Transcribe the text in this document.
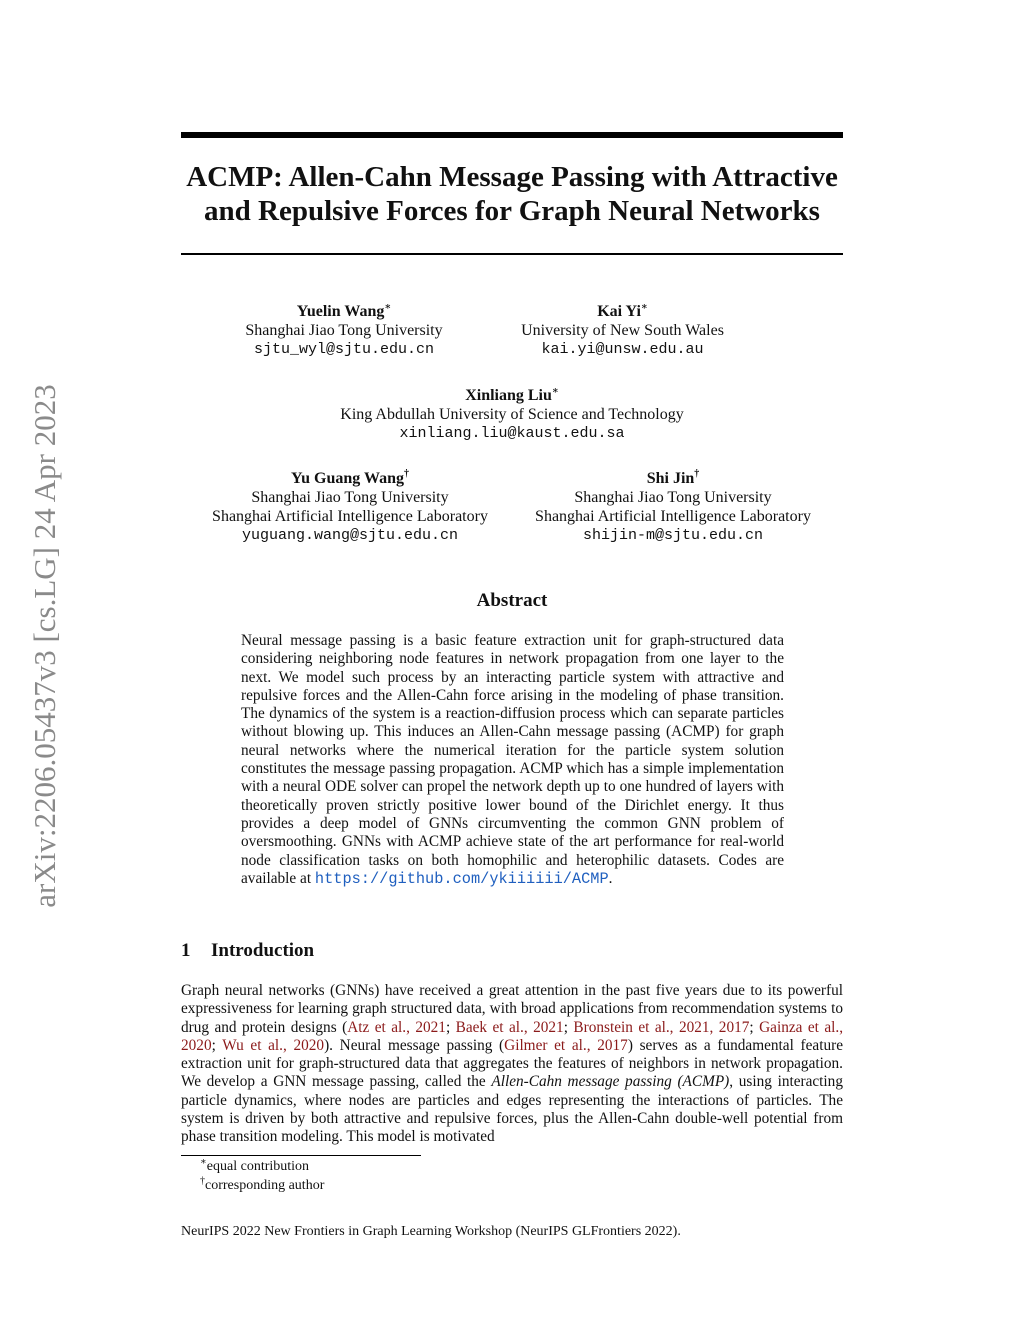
arXiv:2206.05437v3 [cs.LG] 24 Apr 2023
ACMP: Allen-Cahn Message Passing with Attractive
and Repulsive Forces for Graph Neural Networks
Yuelin Wang∗
Shanghai Jiao Tong University
sjtu_wyl@sjtu.edu.cn
Kai Yi∗
University of New South Wales
kai.yi@unsw.edu.au
Xinliang Liu∗
King Abdullah University of Science and Technology
xinliang.liu@kaust.edu.sa
Yu Guang Wang†
Shanghai Jiao Tong University
Shanghai Artificial Intelligence Laboratory
yuguang.wang@sjtu.edu.cn
Shi Jin†
Shanghai Jiao Tong University
Shanghai Artificial Intelligence Laboratory
shijin-m@sjtu.edu.cn
Abstract
Neural message passing is a basic feature extraction unit for graph-structured data considering neighboring node features in network propagation from one layer to the next. We model such process by an interacting particle system with attractive and repulsive forces and the Allen-Cahn force arising in the modeling of phase transition. The dynamics of the system is a reaction-diffusion process which can separate particles without blowing up. This induces an Allen-Cahn message passing (ACMP) for graph neural networks where the numerical iteration for the particle system solution constitutes the message passing propagation. ACMP which has a simple implementation with a neural ODE solver can propel the network depth up to one hundred of layers with theoretically proven strictly positive lower bound of the Dirichlet energy. It thus provides a deep model of GNNs circumventing the common GNN problem of oversmoothing. GNNs with ACMP achieve state of the art performance for real-world node classification tasks on both homophilic and heterophilic datasets. Codes are available at https://github.com/ykiiiiii/ACMP.
1 Introduction
Graph neural networks (GNNs) have received a great attention in the past five years due to its powerful expressiveness for learning graph structured data, with broad applications from recommendation systems to drug and protein designs (Atz et al., 2021; Baek et al., 2021; Bronstein et al., 2021, 2017; Gainza et al., 2020; Wu et al., 2020). Neural message passing (Gilmer et al., 2017) serves as a fundamental feature extraction unit for graph-structured data that aggregates the features of neighbors in network propagation. We develop a GNN message passing, called the Allen-Cahn message passing (ACMP), using interacting particle dynamics, where nodes are particles and edges representing the interactions of particles. The system is driven by both attractive and repulsive forces, plus the Allen-Cahn double-well potential from phase transition modeling. This model is motivated
∗equal contribution
†corresponding author
NeurIPS 2022 New Frontiers in Graph Learning Workshop (NeurIPS GLFrontiers 2022).
